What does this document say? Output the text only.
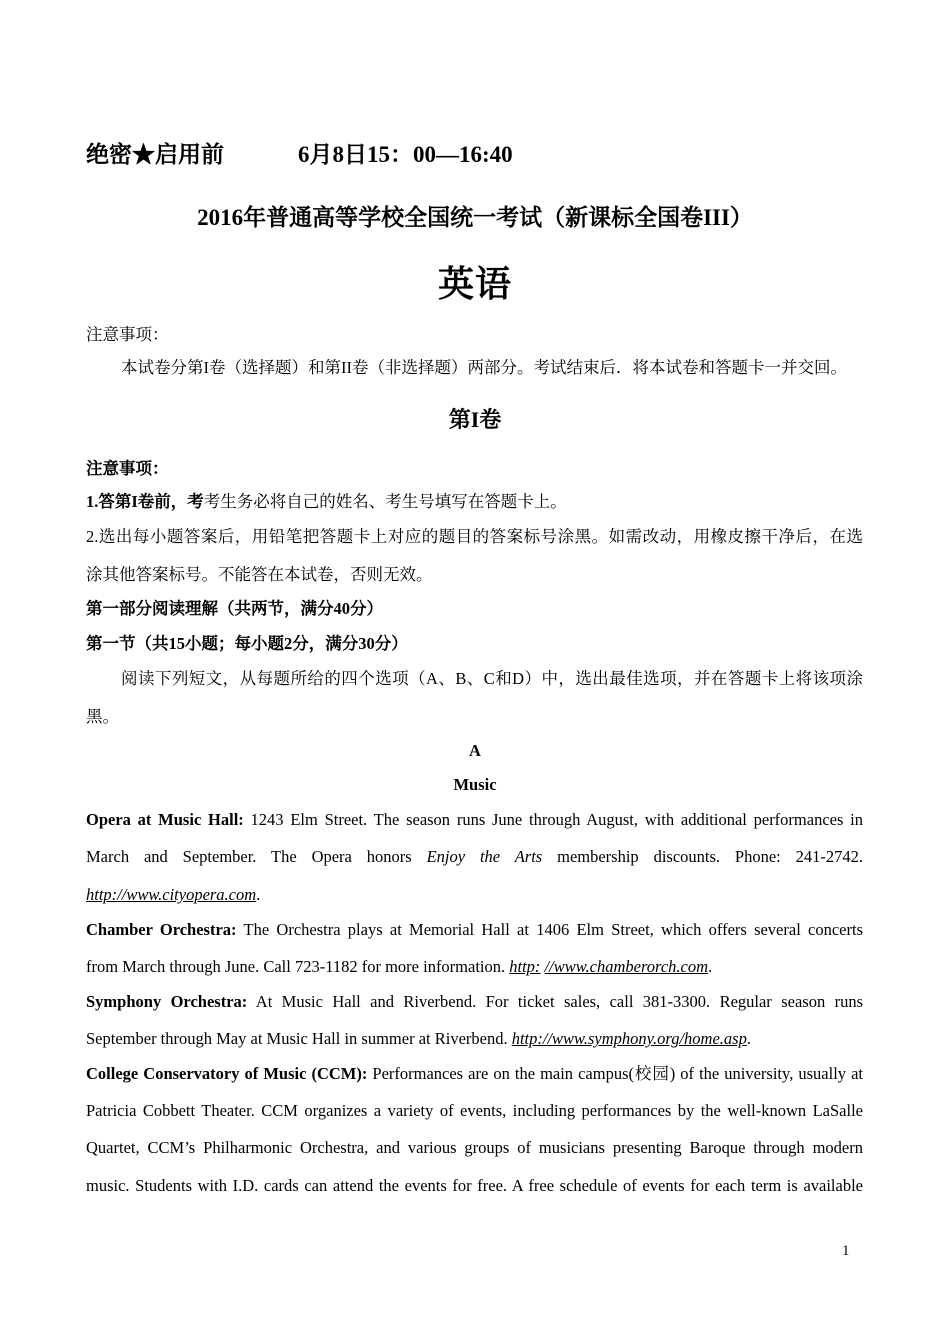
绝密★启用前	6月8日15：00—16:40
2016年普通高等学校全国统一考试（新课标全国卷III）
英语
注意事项：
本试卷分第I卷（选择题）和第II卷（非选择题）两部分。考试结束后．将本试卷和答题卡一并交回。
第I卷
注意事项：
1.答第I卷前，考考生务必将自己的姓名、考生号填写在答题卡上。
2.选出每小题答案后，用铅笔把答题卡上对应的题目的答案标号涂黑。如需改动，用橡皮擦干净后，在选
涂其他答案标号。不能答在本试卷，否则无效。
第一部分阅读理解（共两节，满分40分）
第一节（共15小题；每小题2分，满分30分）
阅读下列短文，从每题所给的四个选项（A、B、C和D）中，选出最佳选项，并在答题卡上将该项涂
黑。
A
Music
Opera at Music Hall: 1243 Elm Street. The season runs June through August, with additional performances in
March and September. The Opera honors Enjoy the Arts membership discounts. Phone: 241-2742.
http://www.cityopera.com.
Chamber Orchestra: The Orchestra plays at Memorial Hall at 1406 Elm Street, which offers several concerts
from March through June. Call 723-1182 for more information. http: //www.chamberorch.com.
Symphony Orchestra: At Music Hall and Riverbend. For ticket sales, call 381-3300. Regular season runs
September through May at Music Hall in summer at Riverbend. http://www.symphony.org/home.asp.
College Conservatory of Music (CCM): Performances are on the main campus(校园) of the university, usually at
Patricia Cobbett Theater. CCM organizes a variety of events, including performances by the well-known LaSalle
Quartet, CCM’s Philharmonic Orchestra, and various groups of musicians presenting Baroque through modern
music. Students with I.D. cards can attend the events for free. A free schedule of events for each term is available
1
